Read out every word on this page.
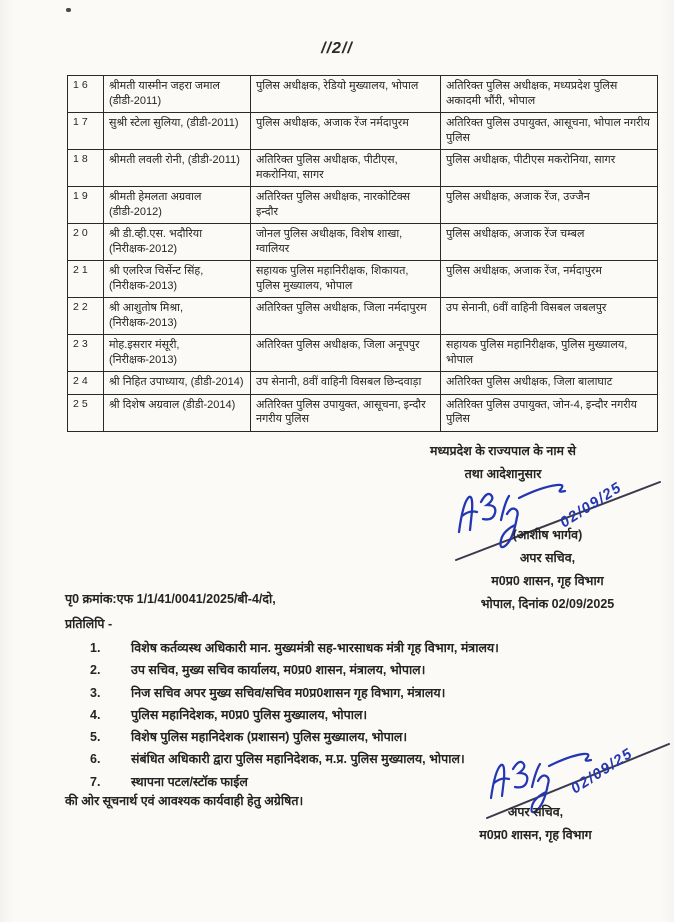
//2//
16	श्रीमती यास्मीन जहरा जमाल (डीडी-2011)	पुलिस अधीक्षक, रेडियो मुख्यालय, भोपाल	अतिरिक्त पुलिस अधीक्षक, मध्यप्रदेश पुलिस अकादमी भौंरी, भोपाल
17	सुश्री स्टेला सुलिया, (डीडी-2011)	पुलिस अधीक्षक, अजाक रेंज नर्मदापुरम	अतिरिक्त पुलिस उपायुक्त, आसूचना, भोपाल नगरीय पुलिस
18	श्रीमती लवली रोनी, (डीडी-2011)	अतिरिक्त पुलिस अधीक्षक, पीटीएस, मकरोनिया, सागर	पुलिस अधीक्षक, पीटीएस मकरोनिया, सागर
19	श्रीमती हेमलता अग्रवाल (डीडी-2012)	अतिरिक्त पुलिस अधीक्षक, नारकोटिक्स इन्दौर	पुलिस अधीक्षक, अजाक रेंज, उज्जैन
20	श्री डी.व्ही.एस. भदौरिया (निरीक्षक-2012)	जोनल पुलिस अधीक्षक, विशेष शाखा, ग्वालियर	पुलिस अधीक्षक, अजाक रेंज चम्बल
21	श्री एलरिज चिर्सेन्ट सिंह, (निरीक्षक-2013)	सहायक पुलिस महानिरीक्षक, शिकायत, पुलिस मुख्यालय, भोपाल	पुलिस अधीक्षक, अजाक रेंज, नर्मदापुरम
22	श्री आशुतोष मिश्रा, (निरीक्षक-2013)	अतिरिक्त पुलिस अधीक्षक, जिला नर्मदापुरम	उप सेनानी, 6वीं वाहिनी विसबल जबलपुर
23	मोह.इसरार मंसूरी, (निरीक्षक-2013)	अतिरिक्त पुलिस अधीक्षक, जिला अनूपपुर	सहायक पुलिस महानिरीक्षक, पुलिस मुख्यालय, भोपाल
24	श्री निहित उपाध्याय, (डीडी-2014)	उप सेनानी, 8वीं वाहिनी विसबल छिन्दवाड़ा	अतिरिक्त पुलिस अधीक्षक, जिला बालाघाट
25	श्री दिशेष अग्रवाल (डीडी-2014)	अतिरिक्त पुलिस उपायुक्त, आसूचना, इन्दौर नगरीय पुलिस	अतिरिक्त पुलिस उपायुक्त, जोन-4, इन्दौर नगरीय पुलिस
मध्यप्रदेश के राज्यपाल के नाम से
तथा आदेशानुसार
02/09/25
(आशीष भार्गव)
अपर सचिव,
म0प्र0 शासन, गृह विभाग
भोपाल, दिनांक 02/09/2025
पृ0 क्रमांक:एफ 1/1/41/0041/2025/बी-4/दो,
प्रतिलिपि -
1.	विशेष कर्तव्यस्थ अधिकारी मान. मुख्यमंत्री सह-भारसाधक मंत्री गृह विभाग, मंत्रालय।
2.	उप सचिव, मुख्य सचिव कार्यालय, म0प्र0 शासन, मंत्रालय, भोपाल।
3.	निज सचिव अपर मुख्य सचिव/सचिव म0प्र0शासन गृह विभाग, मंत्रालय।
4.	पुलिस महानिदेशक, म0प्र0 पुलिस मुख्यालय, भोपाल।
5.	विशेष पुलिस महानिदेशक (प्रशासन) पुलिस मुख्यालय, भोपाल।
6.	संबंधित अधिकारी द्वारा पुलिस महानिदेशक, म.प्र. पुलिस मुख्यालय, भोपाल।
7.	स्थापना पटल/स्टॉक फाईल
की ओर सूचनार्थ एवं आवश्यक कार्यवाही हेतु अग्रेषित।
02/09/25
अपर सचिव,
म0प्र0 शासन, गृह विभाग
